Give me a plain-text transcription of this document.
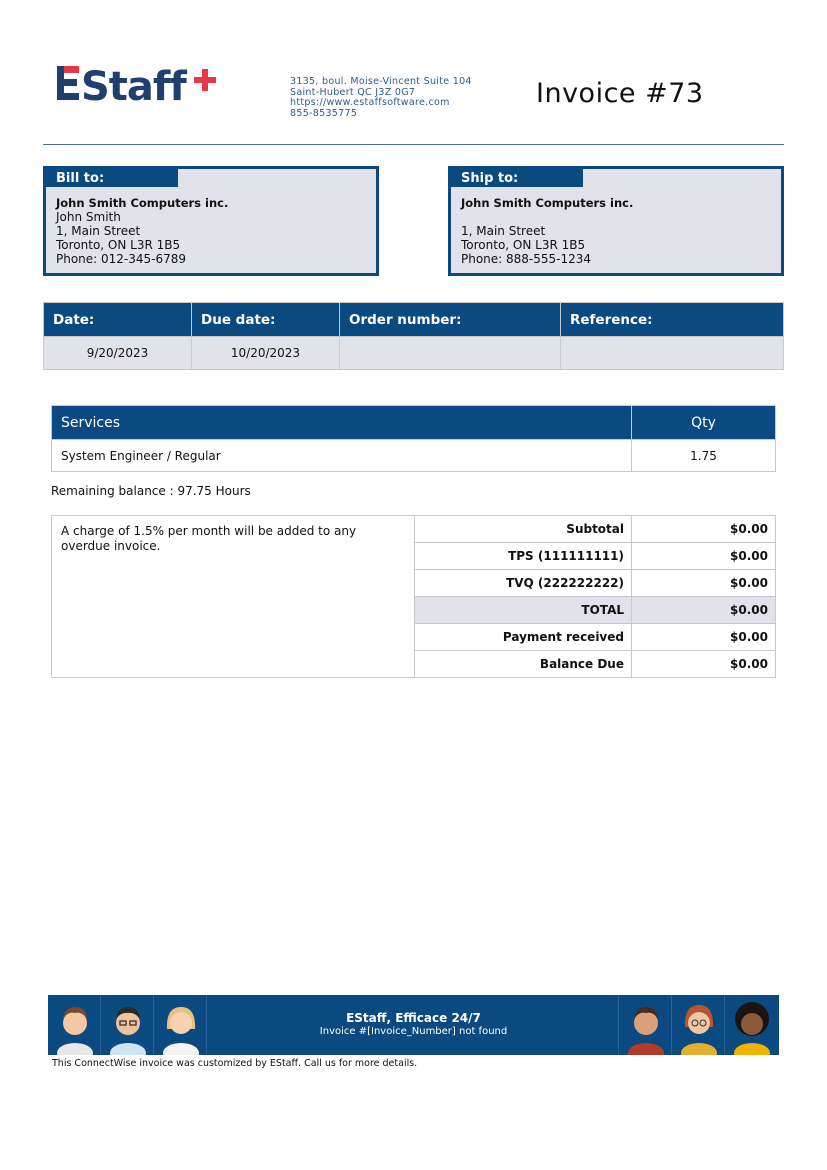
Staff	3135, boul. Moise-Vincent Suite 104
Saint-Hubert QC J3Z 0G7
https://www.estaffsoftware.com
855-8535775
Invoice #73
Bill to:
John Smith Computers inc.
John Smith
1, Main Street
Toronto, ON L3R 1B5
Phone: 012-345-6789
Ship to:
John Smith Computers inc.
1, Main Street
Toronto, ON L3R 1B5
Phone: 888-555-1234
Date:	Due date:	Order number:	Reference:
9/20/2023	10/20/2023		
Services	Qty
System Engineer / Regular	1.75
Remaining balance : 97.75 Hours
A charge of 1.5% per month will be added to any overdue invoice.	Subtotal	$0.00
	TPS (111111111)	$0.00
	TVQ (222222222)	$0.00
	TOTAL	$0.00
	Payment received	$0.00
	Balance Due	$0.00
EStaff, Efficace 24/7
Invoice #[Invoice_Number] not found
This ConnectWise invoice was customized by EStaff. Call us for more details.
